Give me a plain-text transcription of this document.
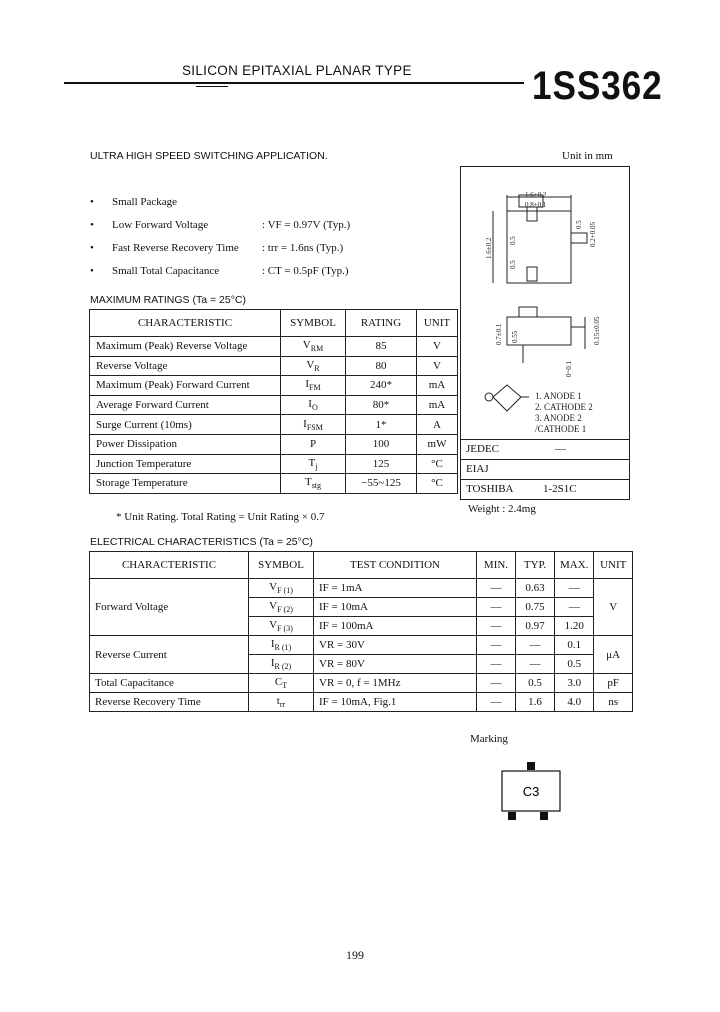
SILICON EPITAXIAL PLANAR TYPE	1SS362
ULTRA HIGH SPEED SWITCHING APPLICATION.	Unit in mm
• Small Package
• Low Forward Voltage	: VF = 0.97V (Typ.)
• Fast Reverse Recovery Time : trr = 1.6ns (Typ.)
• Small Total Capacitance	: CT = 0.5pF (Typ.)
MAXIMUM RATINGS (Ta = 25°C)
CHARACTERISTIC	SYMBOL	RATING	UNIT
Maximum (Peak) Reverse Voltage	$V_{RM}$	85	V
Reverse Voltage	$V_R$	80	V
Maximum (Peak) Forward Current	$I_{FM}$	240*	mA
Average Forward Current	$I_O$	80*	mA
Surge Current (10ms)	$I_{FSM}$	1*	A
Power Dissipation	P	100	mW
Junction Temperature	$T_j$	125	°C
Storage Temperature	$T_{stg}$	−55~125	°C
* Unit Rating. Total Rating = Unit Rating × 0.7
1.6±0.2
0.8±0.1
1.6±0.2 0.5
0.5
0.5 0.2+0.05
0.7±0.1 0.55	0.15±0.05
0~0.1
1. ANODE 1
2. CATHODE 2
3. ANODE 2
/CATHODE 1
JEDEC	—
EIAJ
TOSHIBA	1-2S1C
Weight : 2.4mg
ELECTRICAL CHARACTERISTICS (Ta = 25°C)
CHARACTERISTIC	SYMBOL	TEST CONDITION	MIN.	TYP.	MAX.	UNIT
Forward Voltage	$V_{F (1)}$	IF = 1mA	—	0.63	—	V
	$V_{F (2)}$	IF = 10mA	—	0.75	—	
	$V_{F (3)}$	IF = 100mA	—	0.97	1.20	
Reverse Current	$I_{R (1)}$	VR = 30V	—	—	0.1	μA
	$I_{R (2)}$	VR = 80V	—	—	0.5	
Total Capacitance	$C_T$	VR = 0, f = 1MHz	—	0.5	3.0	pF
Reverse Recovery Time	$t_{rr}$	IF = 10mA, Fig.1	—	1.6	4.0	ns
Marking
C3
199
